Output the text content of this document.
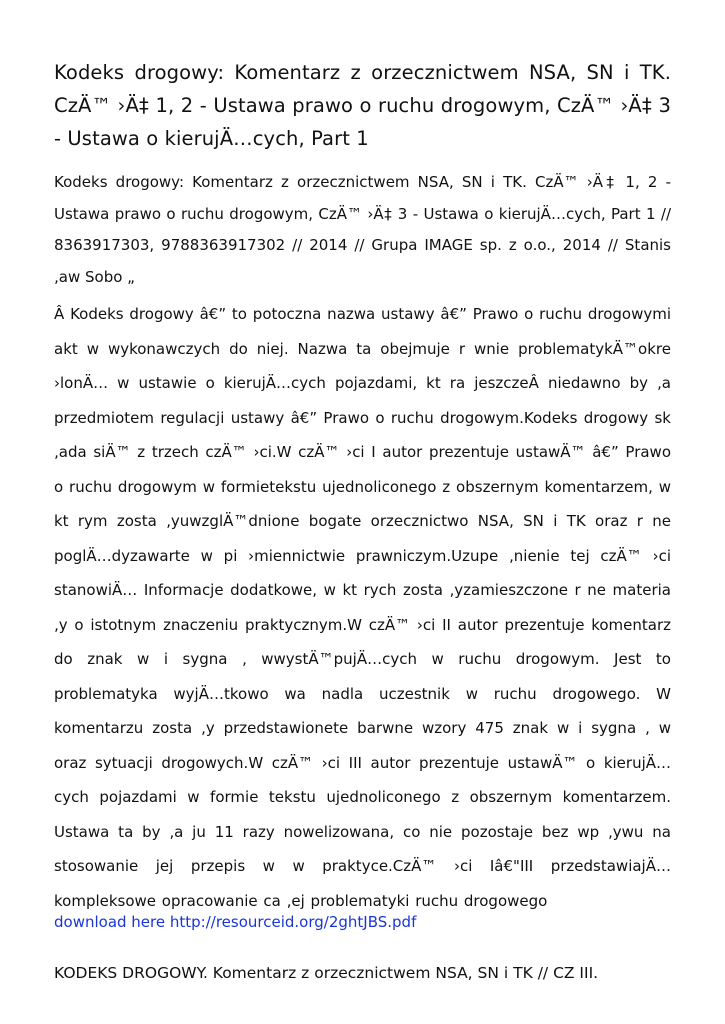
Kodeks drogowy: Komentarz z orzecznictwem NSA, SN i TK. CzÄ™ ›Ä‡ 1, 2 - Ustawa prawo o ruchu drogowym, CzÄ™ ›Ä‡ 3 - Ustawa o kierujÄ…cych, Part 1

Kodeks drogowy: Komentarz z orzecznictwem NSA, SN i TK. CzÄ™ ›Ä‡ 1, 2 - Ustawa prawo o ruchu drogowym, CzÄ™ ›Ä‡ 3 - Ustawa o kierujÄ…cych, Part 1 // 8363917303, 9788363917302 // 2014 // Grupa IMAGE sp. z o.o., 2014 // Stanis ‚aw Sobo „

Â Kodeks drogowy â€” to potoczna nazwa ustawy â€” Prawo o ruchu drogowymi akt w wykonawczych do niej. Nazwa ta obejmuje r wnie problematykÄ™okre ›lonÄ… w ustawie o kierujÄ…cych pojazdami, kt ra jeszczeÂ niedawno by ‚a przedmiotem regulacji ustawy â€” Prawo o ruchu drogowym.Kodeks drogowy sk ‚ada siÄ™ z trzech czÄ™ ›ci.W czÄ™ ›ci I autor prezentuje ustawÄ™ â€” Prawo o ruchu drogowym w formietekstu ujednoliconego z obszernym komentarzem, w kt rym zosta ‚yuwzglÄ™dnione bogate orzecznictwo NSA, SN i TK oraz r ne poglÄ…dyzawarte w pi ›miennictwie prawniczym.Uzupe ‚nienie tej czÄ™ ›ci stanowiÄ… Informacje dodatkowe, w kt rych zosta ‚yzamieszczone r ne materia ‚y o istotnym znaczeniu praktycznym.W czÄ™ ›ci II autor prezentuje komentarz do znak w i sygna ‚ wwystÄ™pujÄ…cych w ruchu drogowym. Jest to problematyka wyjÄ…tkowo wa nadla uczestnik w ruchu drogowego. W komentarzu zosta ‚y przedstawionete barwne wzory 475 znak w i sygna ‚ w oraz sytuacji drogowych.W czÄ™ ›ci III autor prezentuje ustawÄ™ o kierujÄ…cych pojazdami w formie tekstu ujednoliconego z obszernym komentarzem. Ustawa ta by ‚a ju 11 razy nowelizowana, co nie pozostaje bez wp ‚ywu na stosowanie jej przepis w w praktyce.CzÄ™ ›ci Iâ€"III przedstawiajÄ… kompleksowe opracowanie ca ‚ej problematyki ruchu drogowego

download here http://resourceid.org/2ghtJBS.pdf

KODEKS DROGOWY. Komentarz z orzecznictwem NSA, SN i TK // CZ III.
